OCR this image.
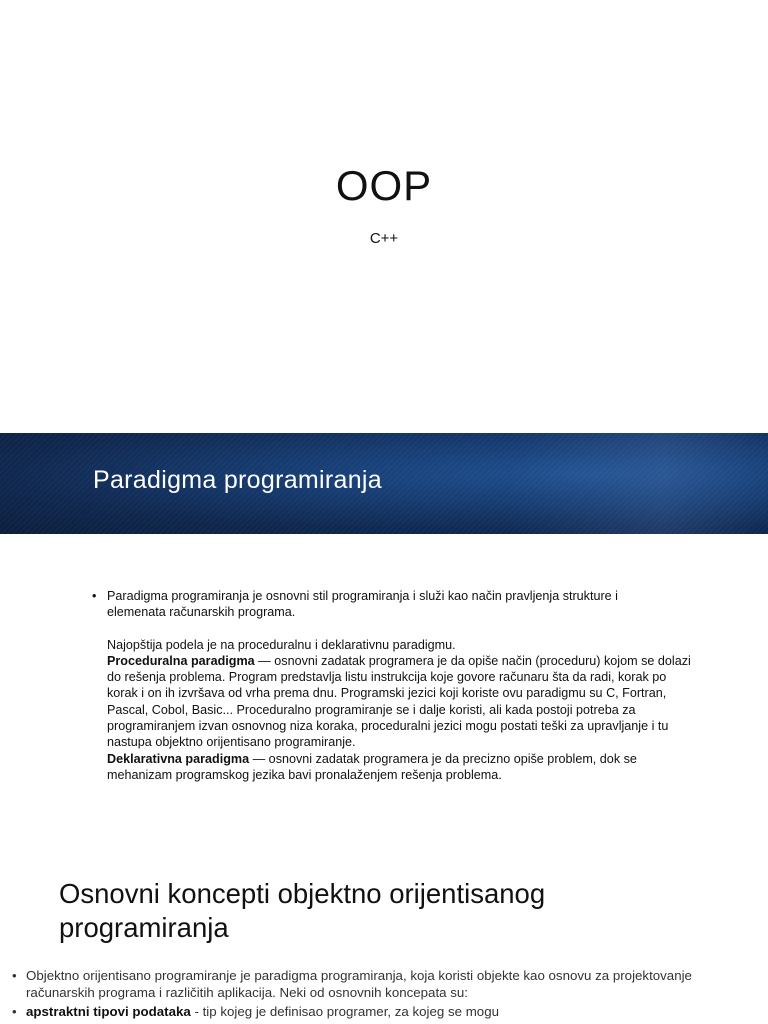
OOP
C++
Paradigma programiranja
• Paradigma programiranja je osnovni stil programiranja i služi kao način pravljenja strukture i

elemenata računarskih programa.

Najopštija podela je na proceduralnu i deklarativnu paradigmu.

Proceduralna paradigma — osnovni zadatak programera je da opiše način (proceduru) kojom se dolazi do rešenja problema. Program predstavlja listu instrukcija koje govore računaru šta da radi, korak po korak i on ih izvršava od vrha prema dnu. Programski jezici koji koriste ovu paradigmu su C, Fortran, Pascal, Cobol, Basic... Proceduralno programiranje se i dalje koristi, ali kada postoji potreba za programiranjem izvan osnovnog niza koraka, proceduralni jezici mogu postati teški za upravljanje i tu nastupa objektno orijentisano programiranje.

Deklarativna paradigma — osnovni zadatak programera je da precizno opiše problem, dok se mehanizam programskog jezika bavi pronalaženjem rešenja problema.

Osnovni koncepti objektno orijentisanog
programiranja
• Objektno orijentisano programiranje je paradigma programiranja, koja koristi objekte kao osnovu za projektovanje računarskih programa i različitih aplikacija. Neki od osnovnih koncepata su:
• apstraktni tipovi podataka - tip kojeg je definisao programer, za kojeg se mogu
